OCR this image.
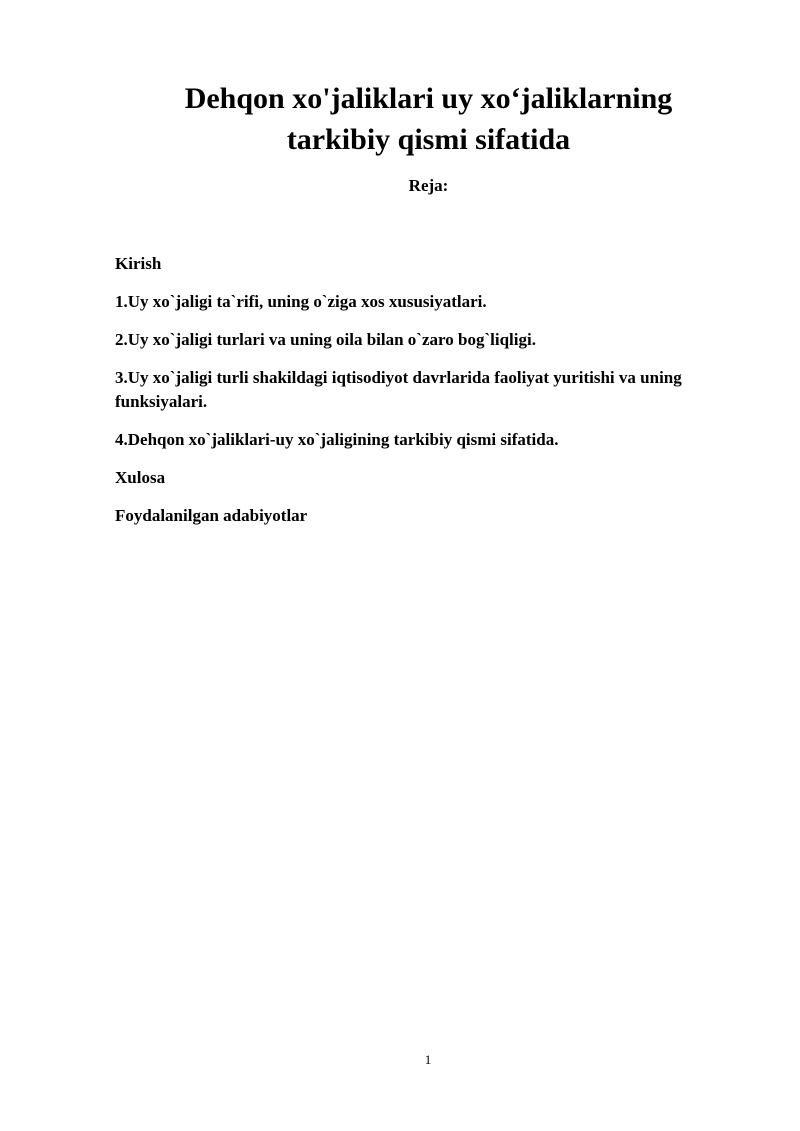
Dehqon xo'jaliklari uy xo‘jaliklarning
tarkibiy qismi sifatida

Reja:

Kirish
1.Uy xo`jaligi ta`rifi, uning o`ziga xos xususiyatlari.
2.Uy xo`jaligi turlari va uning oila bilan o`zaro bog`liqligi.
3.Uy xo`jaligi turli shakildagi iqtisodiyot davrlarida faoliyat yuritishi va uning funksiyalari.
4.Dehqon xo`jaliklari-uy xo`jaligining tarkibiy qismi sifatida.
Xulosa
Foydalanilgan adabiyotlar
1
